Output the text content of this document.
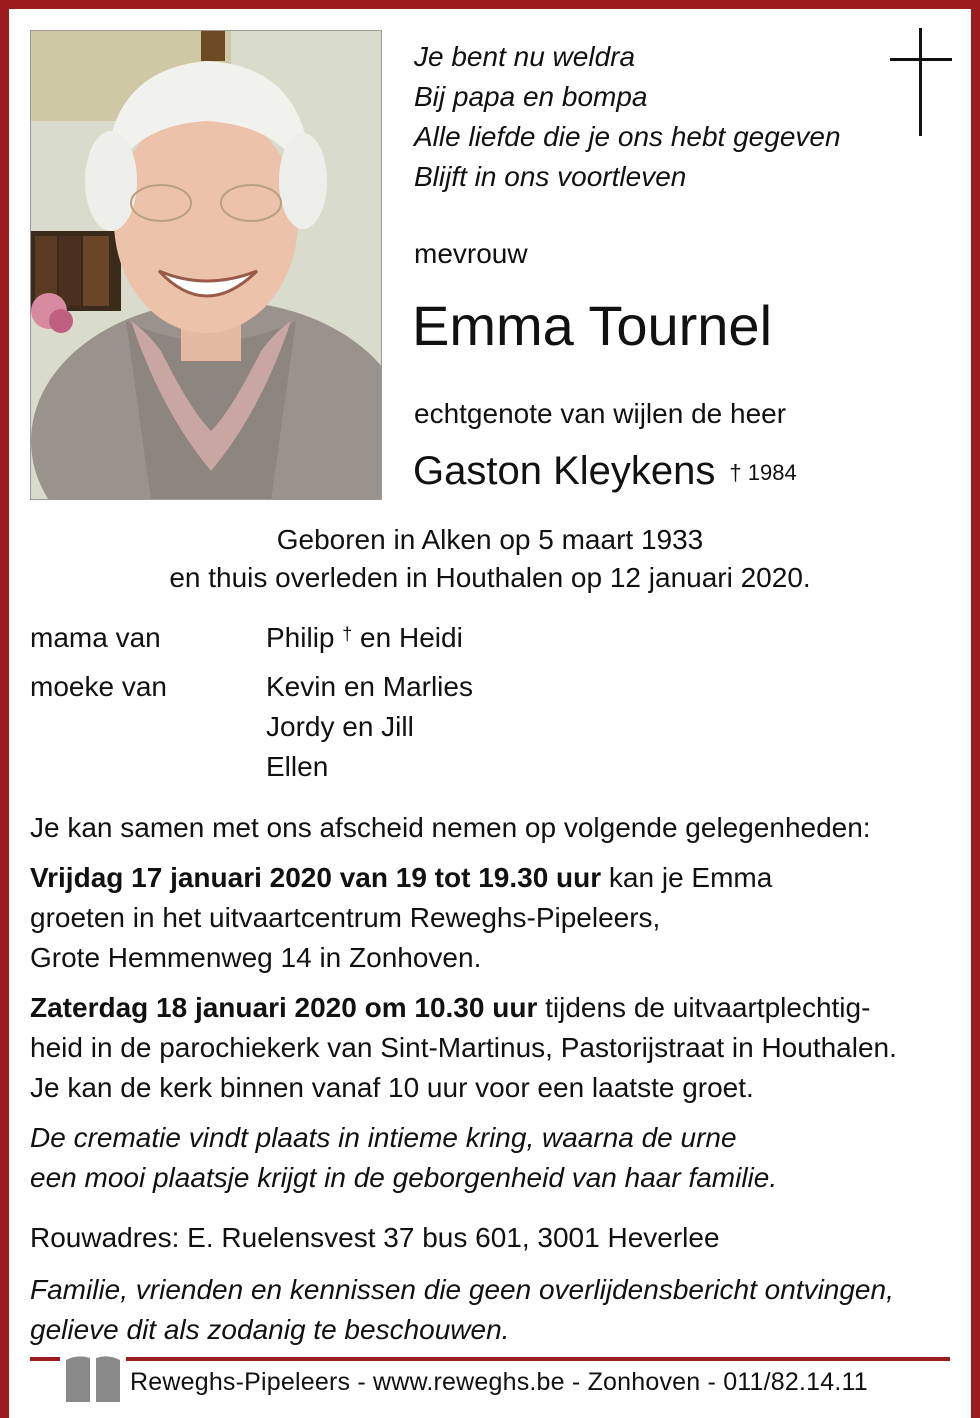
Je bent nu weldra
Bij papa en bompa
Alle liefde die je ons hebt gegeven
Blijft in ons voortleven
mevrouw
Emma Tournel
echtgenote van wijlen de heer
Gaston Kleykens $^{\dagger 1984}$
Geboren in Alken op 5 maart 1933
en thuis overleden in Houthalen op 12 januari 2020.
mama van	Philip † en Heidi
moeke van	Kevin en Marlies
Jordy en Jill
Ellen
Je kan samen met ons afscheid nemen op volgende gelegenheden:
Vrijdag 17 januari 2020 van 19 tot 19.30 uur kan je Emma
groeten in het uitvaartcentrum Reweghs-Pipeleers,
Grote Hemmenweg 14 in Zonhoven.
Zaterdag 18 januari 2020 om 10.30 uur tijdens de uitvaartplechtig-
heid in de parochiekerk van Sint-Martinus, Pastorijstraat in Houthalen.
Je kan de kerk binnen vanaf 10 uur voor een laatste groet.
De crematie vindt plaats in intieme kring, waarna de urne
een mooi plaatsje krijgt in de geborgenheid van haar familie.
Rouwadres: E. Ruelensvest 37 bus 601, 3001 Heverlee
Familie, vrienden en kennissen die geen overlijdensbericht ontvingen,
gelieve dit als zodanig te beschouwen.
Reweghs-Pipeleers - www.reweghs.be - Zonhoven - 011/82.14.11
